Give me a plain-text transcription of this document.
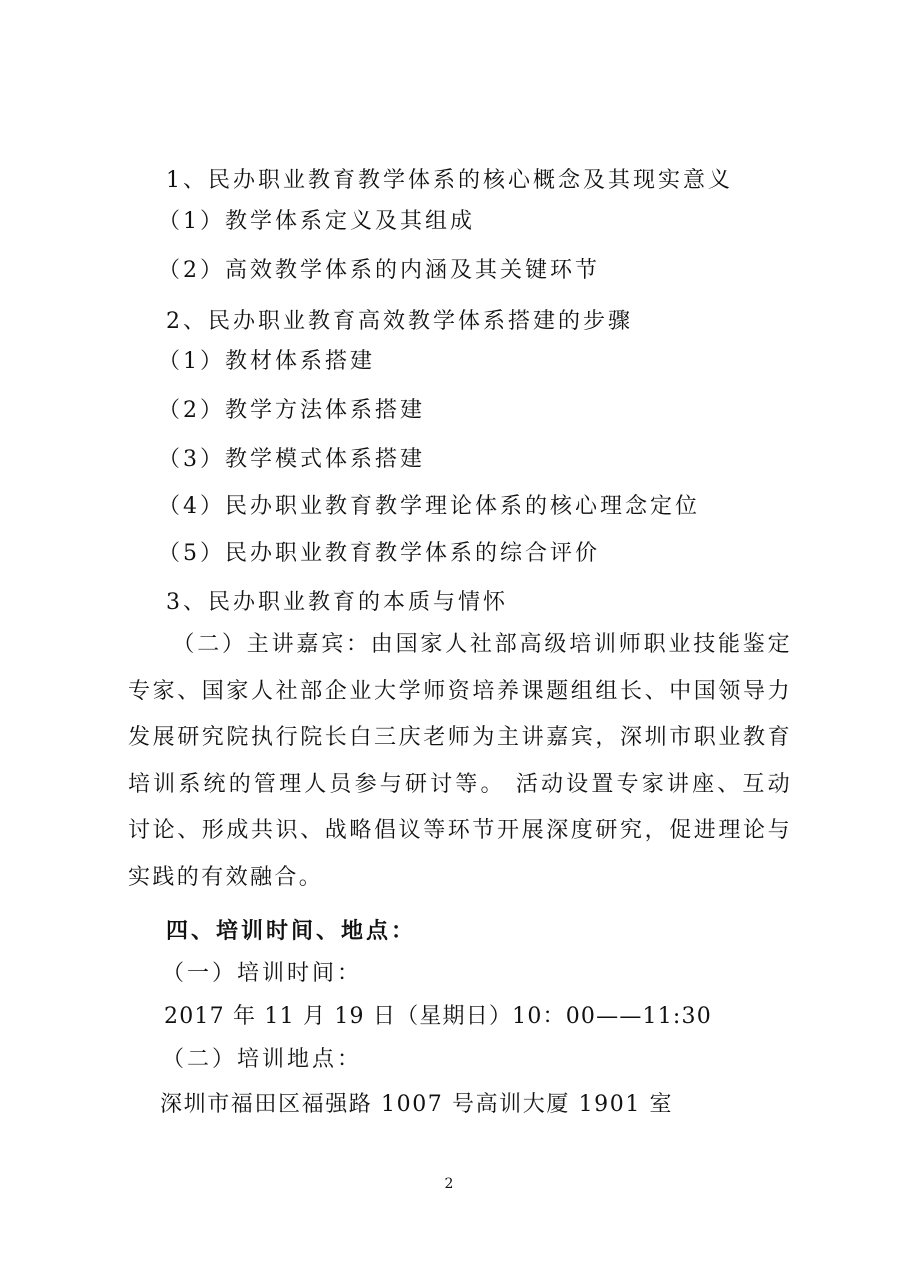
1、民办职业教育教学体系的核心概念及其现实意义
（1）教学体系定义及其组成
（2）高效教学体系的内涵及其关键环节
2、民办职业教育高效教学体系搭建的步骤
（1）教材体系搭建
（2）教学方法体系搭建
（3）教学模式体系搭建
（4）民办职业教育教学理论体系的核心理念定位
（5）民办职业教育教学体系的综合评价
3、民办职业教育的本质与情怀
（二）主讲嘉宾：由国家人社部高级培训师职业技能鉴定专家、国家人社部企业大学师资培养课题组组长、中国领导力发展研究院执行院长白三庆老师为主讲嘉宾，深圳市职业教育培训系统的管理人员参与研讨等。 活动设置专家讲座、互动讨论、形成共识、战略倡议等环节开展深度研究，促进理论与实践的有效融合。
四、培训时间、地点：
（一）培训时间：
2017 年 11 月 19 日（星期日）10：00——11:30
（二）培训地点：
深圳市福田区福强路 1007 号高训大厦 1901 室
2
